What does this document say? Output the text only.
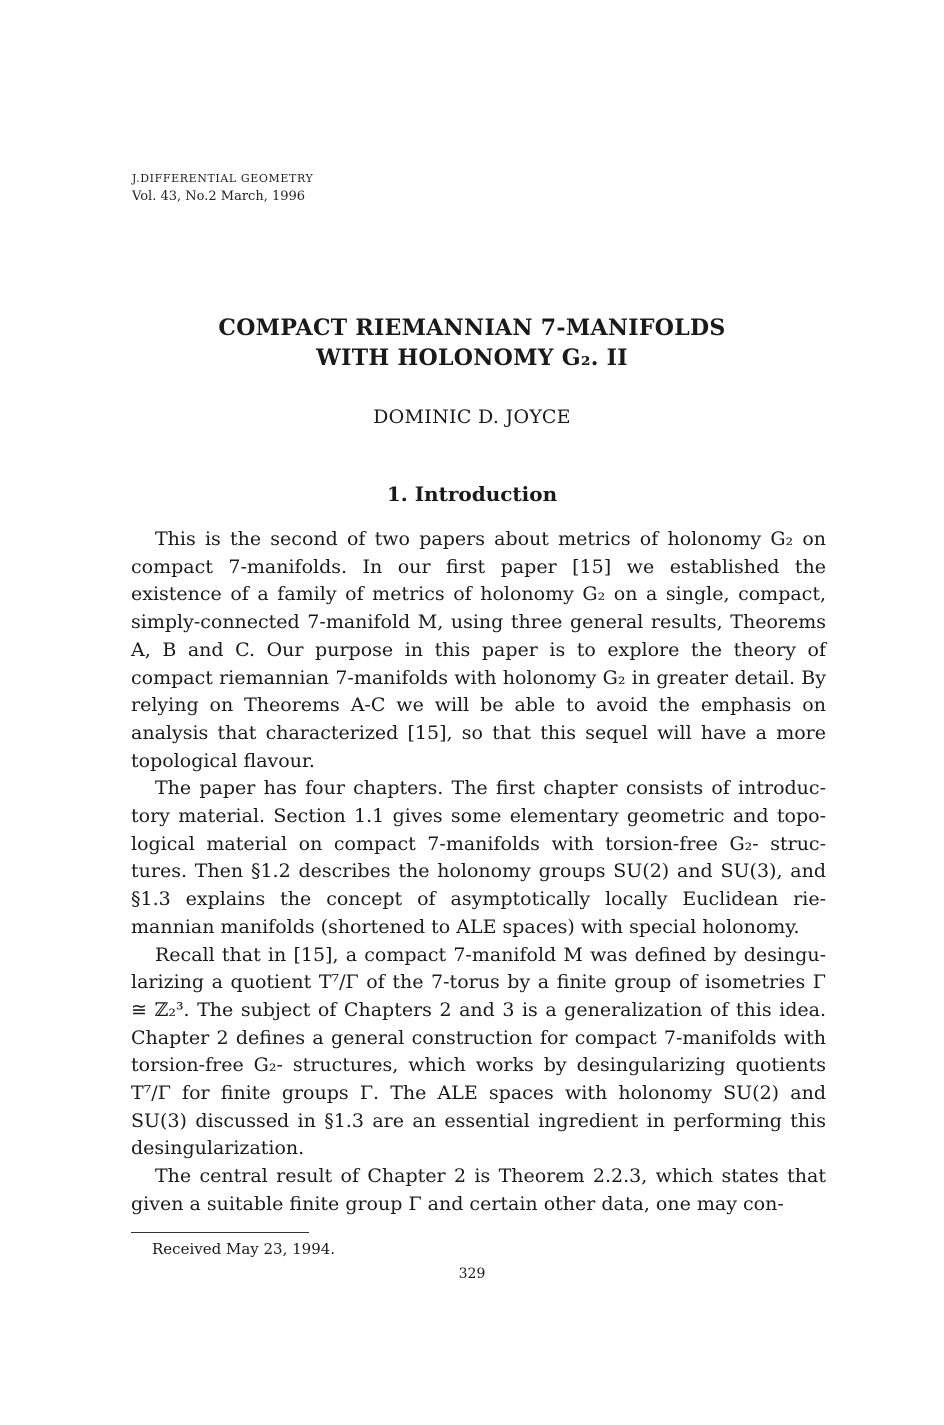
J.DIFFERENTIAL GEOMETRY
Vol. 43, No.2 March, 1996
COMPACT RIEMANNIAN 7-MANIFOLDS
WITH HOLONOMY G₂. II
DOMINIC D. JOYCE
1. Introduction

This is the second of two papers about metrics of holonomy G₂ on compact 7-manifolds. In our first paper [15] we established the existence of a family of metrics of holonomy G₂ on a single, compact, simply-connected 7-manifold M, using three general results, Theorems A, B and C. Our purpose in this paper is to explore the theory of compact riemannian 7-manifolds with holonomy G₂ in greater detail. By relying on Theorems A-C we will be able to avoid the emphasis on analysis that characterized [15], so that this sequel will have a more topological flavour.

The paper has four chapters. The first chapter consists of introductory material. Section 1.1 gives some elementary geometric and topological material on compact 7-manifolds with torsion-free G₂- structures. Then §1.2 describes the holonomy groups SU(2) and SU(3), and §1.3 explains the concept of asymptotically locally Euclidean riemannian manifolds (shortened to ALE spaces) with special holonomy.

Recall that in [15], a compact 7-manifold M was defined by desingularizing a quotient T⁷/Γ of the 7-torus by a finite group of isometries Γ ≅ ℤ₂³. The subject of Chapters 2 and 3 is a generalization of this idea. Chapter 2 defines a general construction for compact 7-manifolds with torsion-free G₂- structures, which works by desingularizing quotients T⁷/Γ for finite groups Γ. The ALE spaces with holonomy SU(2) and SU(3) discussed in §1.3 are an essential ingredient in performing this desingularization.

The central result of Chapter 2 is Theorem 2.2.3, which states that given a suitable finite group Γ and certain other data, one may con-

Received May 23, 1994.
329
